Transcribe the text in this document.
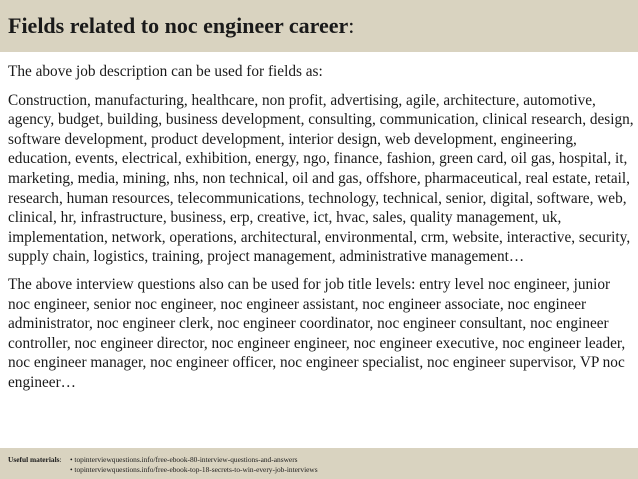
Fields related to noc engineer career:

The above job description can be used for fields as:

Construction, manufacturing, healthcare, non profit, advertising, agile, architecture, automotive, agency, budget, building, business development, consulting, communication, clinical research, design, software development, product development, interior design, web development, engineering, education, events, electrical, exhibition, energy, ngo, finance, fashion, green card, oil gas, hospital, it, marketing, media, mining, nhs, non technical, oil and gas, offshore, pharmaceutical, real estate, retail, research, human resources, telecommunications, technology, technical, senior, digital, software, web, clinical, hr, infrastructure, business, erp, creative, ict, hvac, sales, quality management, uk, implementation, network, operations, architectural, environmental, crm, website, interactive, security, supply chain, logistics, training, project management, administrative management…

The above interview questions also can be used for job title levels: entry level noc engineer, junior noc engineer, senior noc engineer, noc engineer assistant, noc engineer associate, noc engineer administrator, noc engineer clerk, noc engineer coordinator, noc engineer consultant, noc engineer controller, noc engineer director, noc engineer engineer, noc engineer executive, noc engineer leader, noc engineer manager, noc engineer officer, noc engineer specialist, noc engineer supervisor, VP noc engineer…

Useful materials:	• topinterviewquestions.info/free-ebook-80-interview-questions-and-answers
• topinterviewquestions.info/free-ebook-top-18-secrets-to-win-every-job-interviews
